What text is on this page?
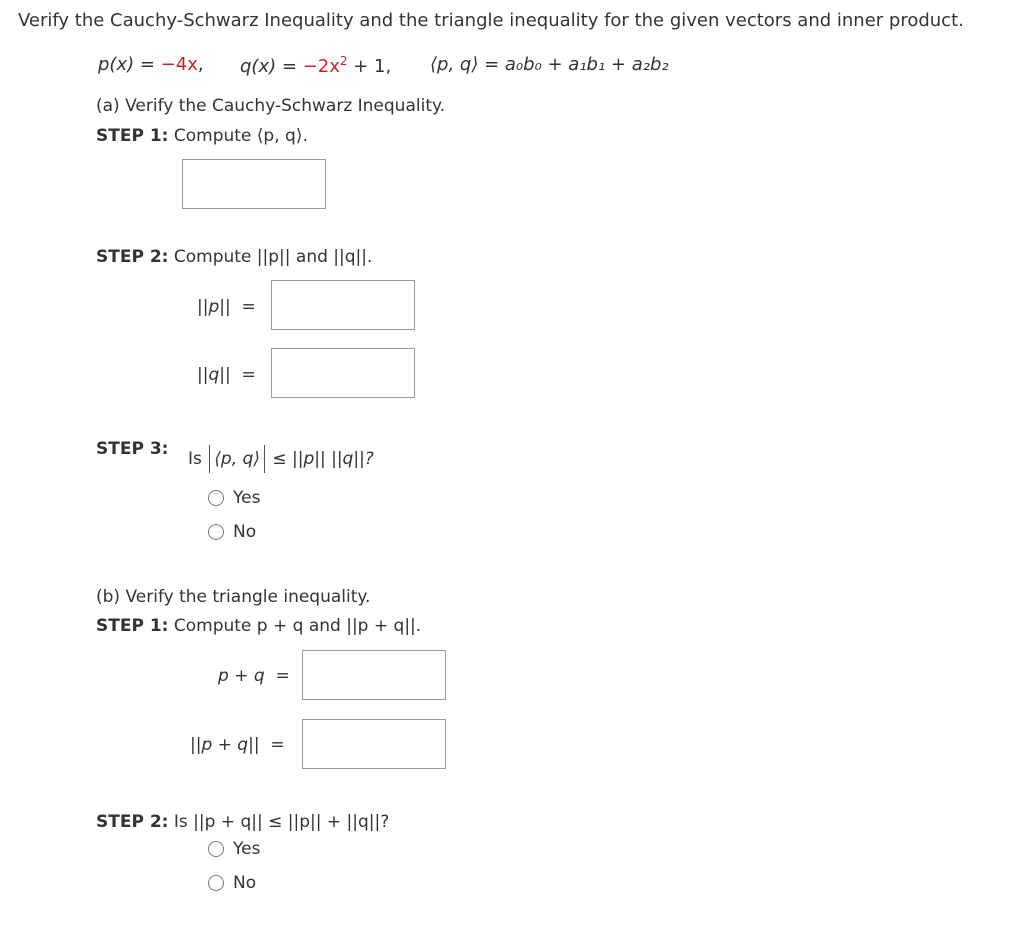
Verify the Cauchy-Schwarz Inequality and the triangle inequality for the given vectors and inner product.
p(x) = −4x, $q(x) = -2x^2 + 1$, ⟨p, q⟩ = a₀b₀ + a₁b₁ + a₂b₂
(a) Verify the Cauchy-Schwarz Inequality.
STEP 1: Compute ⟨p, q⟩.
STEP 2: Compute ||p|| and ||q||.
||p|| =
||q|| =
STEP 3: Is ⟨p, q⟩ ≤ ||p|| ||q||?
Yes
No
(b) Verify the triangle inequality.
STEP 1: Compute p + q and ||p + q||.
p + q =
||p + q|| =
STEP 2: Is ||p + q|| ≤ ||p|| + ||q||?
Yes
No
